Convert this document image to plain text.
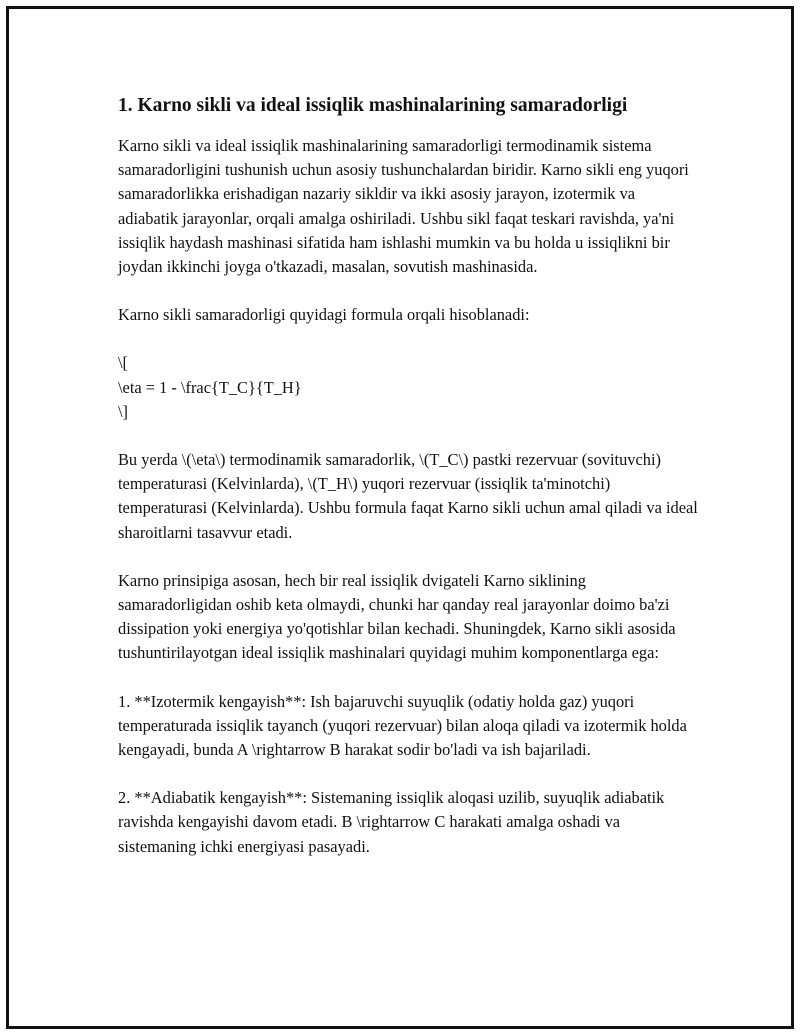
1. Karno sikli va ideal issiqlik mashinalarining samaradorligi

Karno sikli va ideal issiqlik mashinalarining samaradorligi termodinamik sistema samaradorligini tushunish uchun asosiy tushunchalardan biridir. Karno sikli eng yuqori samaradorlikka erishadigan nazariy sikldir va ikki asosiy jarayon, izotermik va adiabatik jarayonlar, orqali amalga oshiriladi. Ushbu sikl faqat teskari ravishda, ya'ni issiqlik haydash mashinasi sifatida ham ishlashi mumkin va bu holda u issiqlikni bir joydan ikkinchi joyga o'tkazadi, masalan, sovutish mashinasida.

Karno sikli samaradorligi quyidagi formula orqali hisoblanadi:

\[
\eta = 1 - \frac{T_C}{T_H}
\]

Bu yerda \(\eta\) termodinamik samaradorlik, \(T_C\) pastki rezervuar (sovituvchi) temperaturasi (Kelvinlarda), \(T_H\) yuqori rezervuar (issiqlik ta'minotchi) temperaturasi (Kelvinlarda). Ushbu formula faqat Karno sikli uchun amal qiladi va ideal sharoitlarni tasavvur etadi.

Karno prinsipiga asosan, hech bir real issiqlik dvigateli Karno siklining samaradorligidan oshib keta olmaydi, chunki har qanday real jarayonlar doimo ba'zi dissipation yoki energiya yo'qotishlar bilan kechadi. Shuningdek, Karno sikli asosida tushuntirilayotgan ideal issiqlik mashinalari quyidagi muhim komponentlarga ega:

1. **Izotermik kengayish**: Ish bajaruvchi suyuqlik (odatiy holda gaz) yuqori temperaturada issiqlik tayanch (yuqori rezervuar) bilan aloqa qiladi va izotermik holda kengayadi, bunda A \rightarrow B harakat sodir bo'ladi va ish bajariladi.

2. **Adiabatik kengayish**: Sistemaning issiqlik aloqasi uzilib, suyuqlik adiabatik ravishda kengayishi davom etadi. B \rightarrow C harakati amalga oshadi va sistemaning ichki energiyasi pasayadi.
